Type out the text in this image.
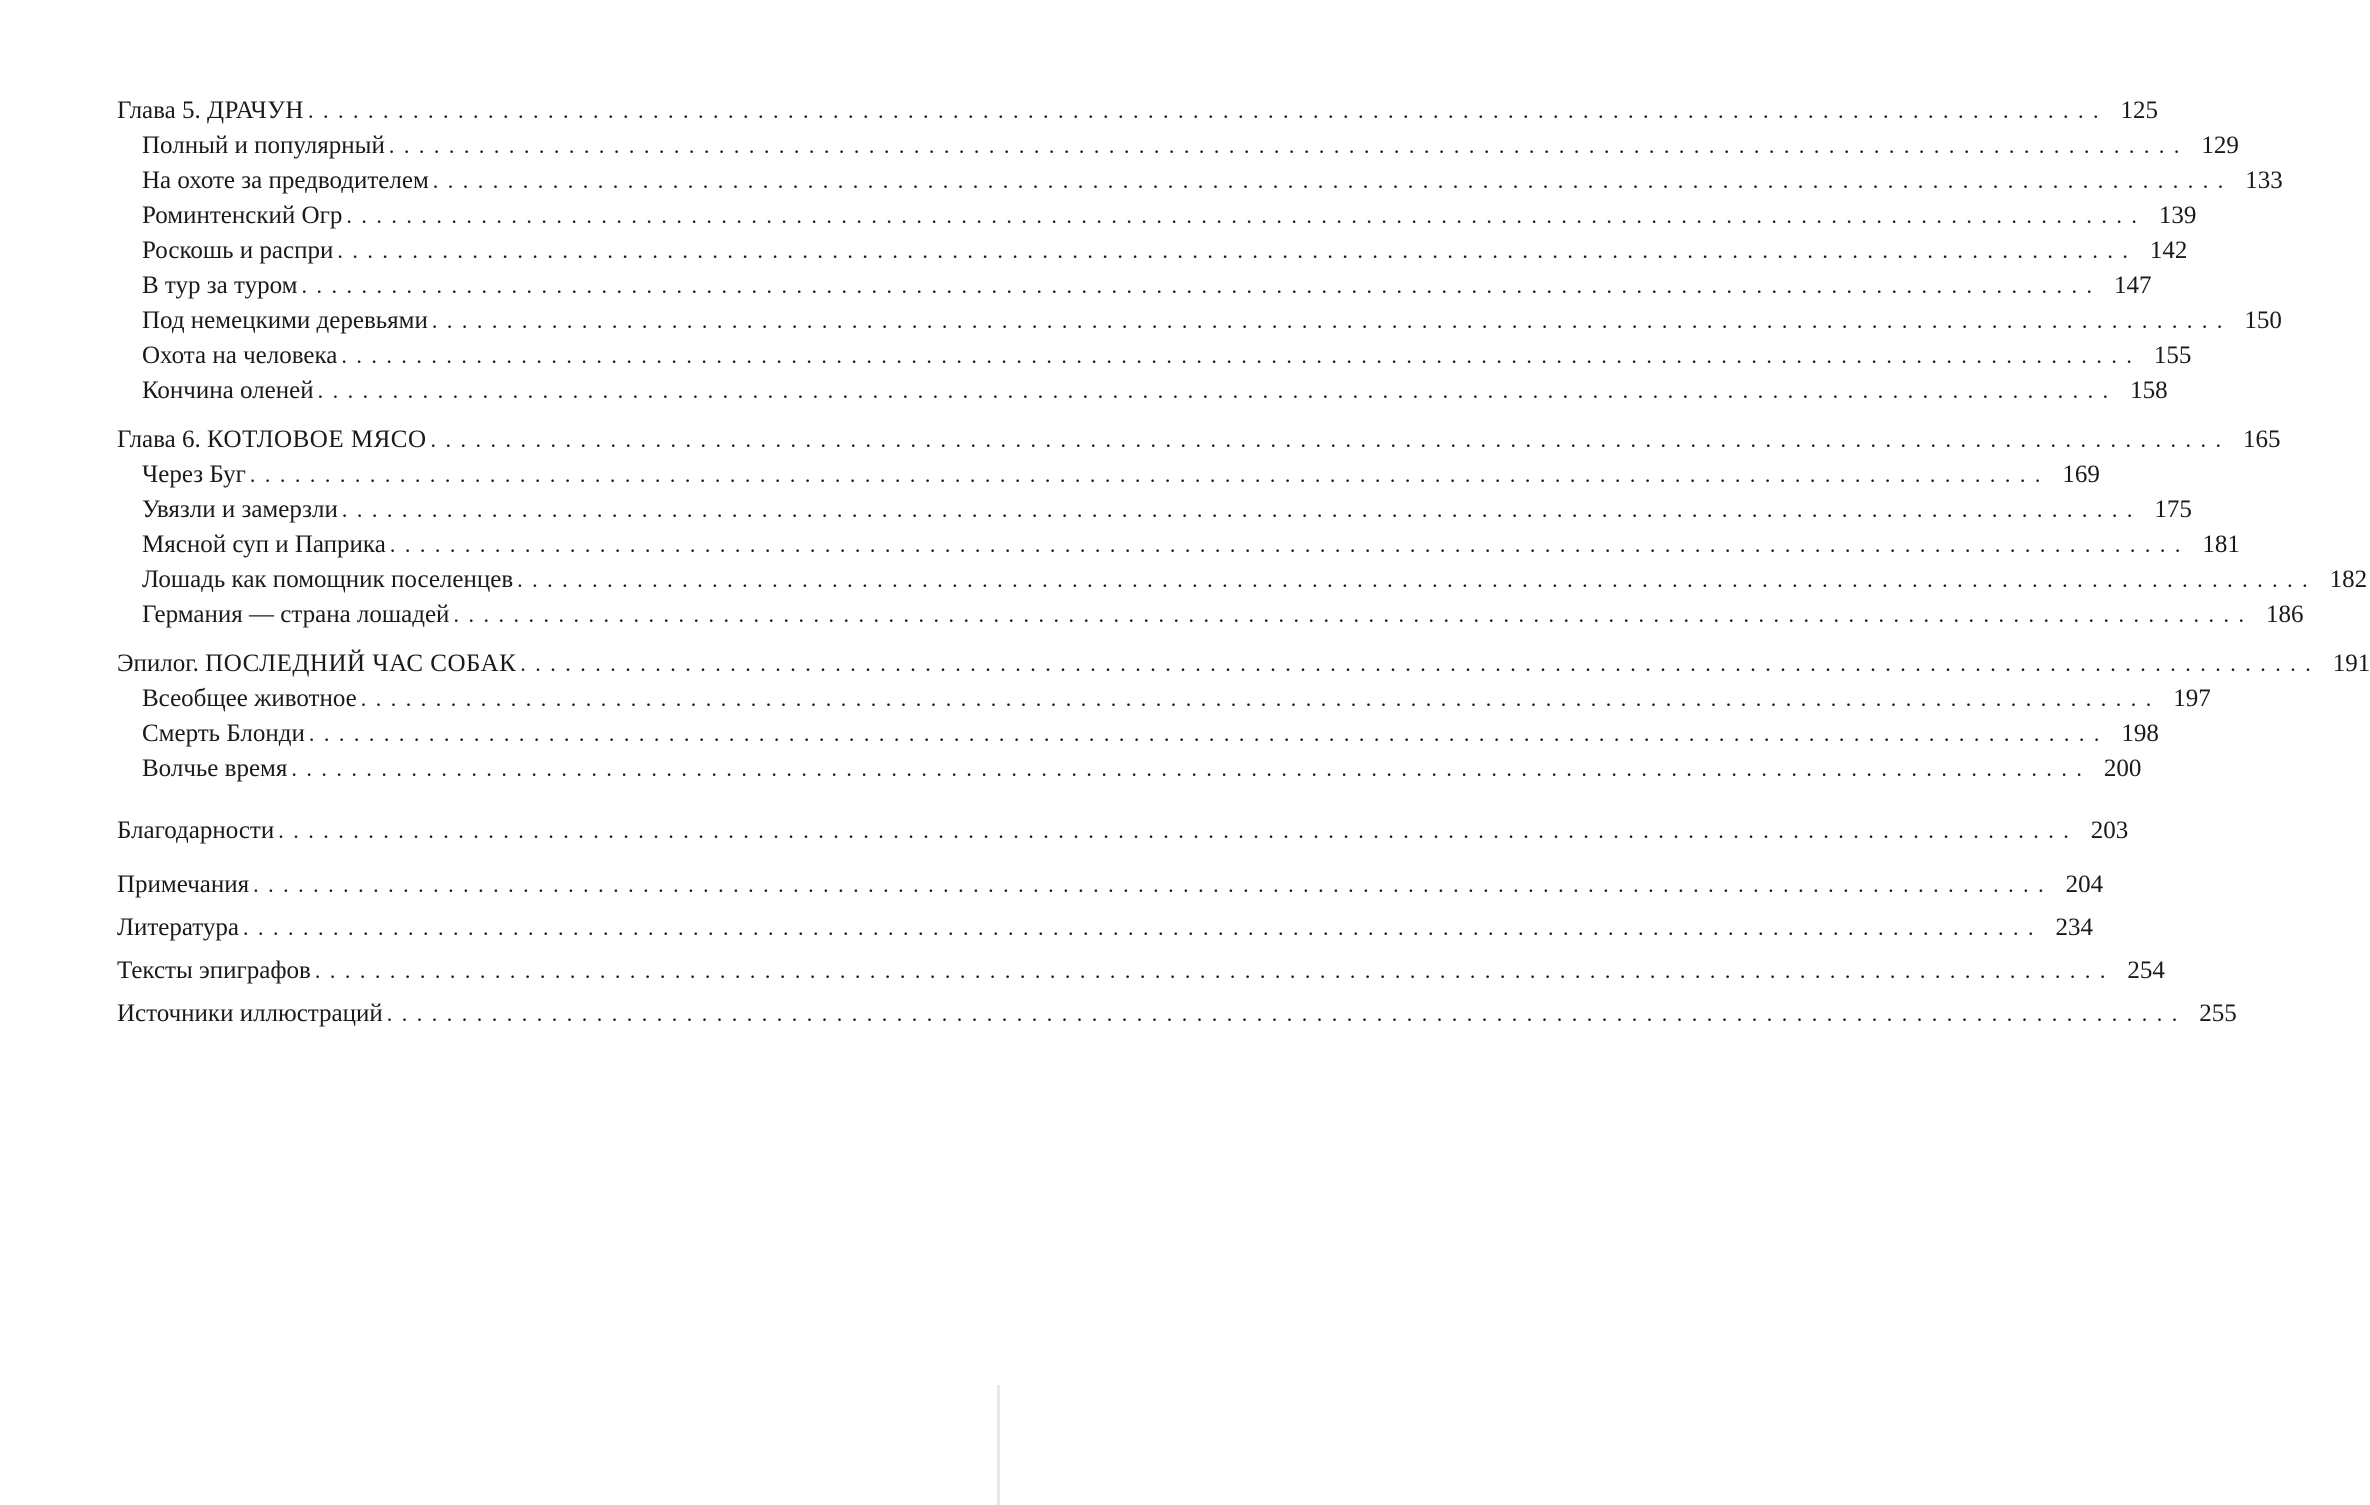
Глава 5. ДРАЧУН ........................................................................................................................ 125
Полный и популярный ........................................................................................................................ 129
На охоте за предводителем ........................................................................................................................ 133
Роминтенский Огр ........................................................................................................................ 139
Роскошь и распри ........................................................................................................................ 142
В тур за туром ........................................................................................................................ 147
Под немецкими деревьями ........................................................................................................................ 150
Охота на человека ........................................................................................................................ 155
Кончина оленей ........................................................................................................................ 158
Глава 6. КОТЛОВОЕ МЯСО ........................................................................................................................ 165
Через Буг ........................................................................................................................ 169
Увязли и замерзли ........................................................................................................................ 175
Мясной суп и Паприка ........................................................................................................................ 181
Лошадь как помощник поселенцев ........................................................................................................................ 182
Германия — страна лошадей ........................................................................................................................ 186
Эпилог. ПОСЛЕДНИЙ ЧАС СОБАК ........................................................................................................................ 191
Всеобщее животное ........................................................................................................................ 197
Смерть Блонди ........................................................................................................................ 198
Волчье время ........................................................................................................................ 200
Благодарности ........................................................................................................................ 203
Примечания ........................................................................................................................ 204
Литература ........................................................................................................................ 234
Тексты эпиграфов ........................................................................................................................ 254
Источники иллюстраций ........................................................................................................................ 255
